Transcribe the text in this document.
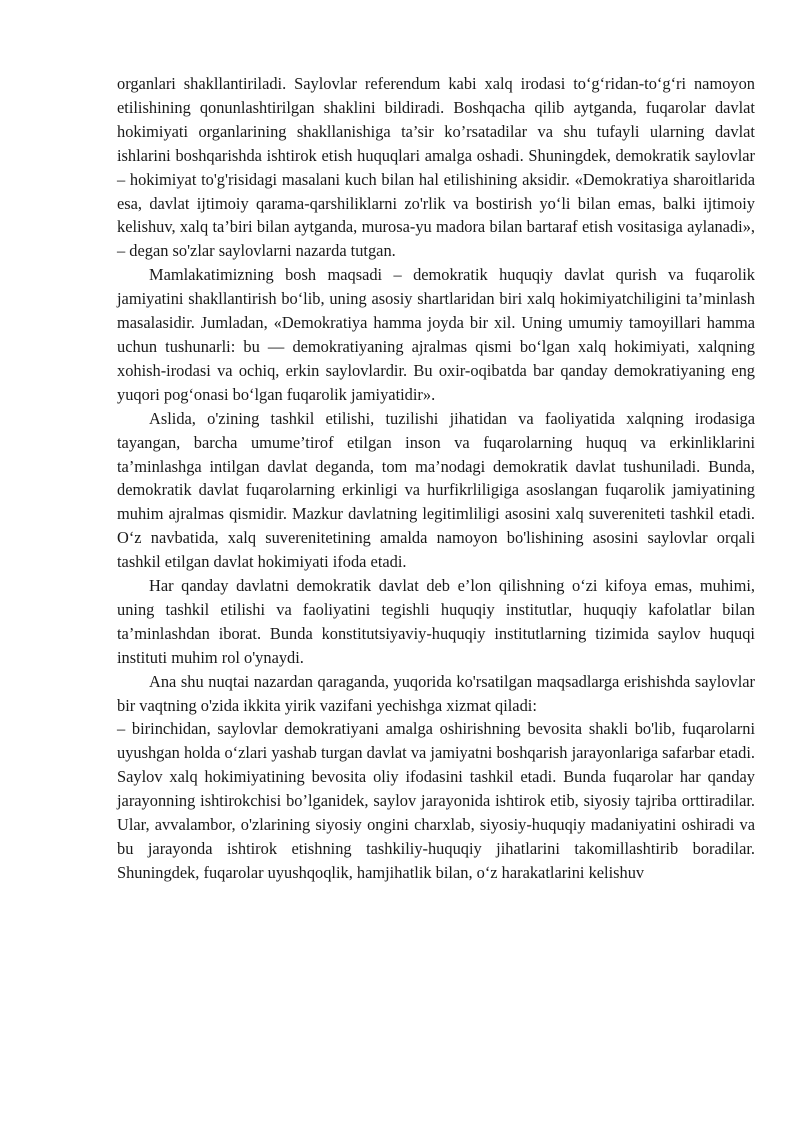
organlari shakllantiriladi. Saylovlar referendum kabi xalq irodasi to‘g‘ridan-to‘g‘ri namoyon etilishining qonunlashtirilgan shaklini bildiradi. Boshqacha qilib aytganda, fuqarolar davlat hokimiyati organlarining shakllanishiga ta’sir ko’rsatadilar va shu tufayli ularning davlat ishlarini boshqarishda ishtirok etish huquqlari amalga oshadi. Shuningdek, demokratik saylovlar – hokimiyat to'g'risidagi masalani kuch bilan hal etilishining aksidir. «Demokratiya sharoitlarida esa, davlat ijtimoiy qarama-qarshiliklarni zo'rlik va bostirish yo‘li bilan emas, balki ijtimoiy kelishuv, xalq ta’biri bilan aytganda, murosa-yu madora bilan bartaraf etish vositasiga aylanadi», – degan so'zlar saylovlarni nazarda tutgan.

Mamlakatimizning bosh maqsadi – demokratik huquqiy davlat qurish va fuqarolik jamiyatini shakllantirish bo‘lib, uning asosiy shartlaridan biri xalq hokimiyatchiligini ta’minlash masalasidir. Jumladan, «Demokratiya hamma joyda bir xil. Uning umumiy tamoyillari hamma uchun tushunarli: bu — demokratiyaning ajralmas qismi bo‘lgan xalq hokimiyati, xalqning xohish-irodasi va ochiq, erkin saylovlardir. Bu oxir-oqibatda bar qanday demokratiyaning eng yuqori pog‘onasi bo‘lgan fuqarolik jamiyatidir».

Aslida, o'zining tashkil etilishi, tuzilishi jihatidan va faoliyatida xalqning irodasiga tayangan, barcha umume’tirof etilgan inson va fuqarolarning huquq va erkinliklarini ta’minlashga intilgan davlat deganda, tom ma’nodagi demokratik davlat tushuniladi. Bunda, demokratik davlat fuqarolarning erkinligi va hurfikrliligiga asoslangan fuqarolik jamiyatining muhim ajralmas qismidir. Mazkur davlatning legitimliligi asosini xalq suvereniteti tashkil etadi. O‘z navbatida, xalq suverenitetining amalda namoyon bo'lishining asosini saylovlar orqali tashkil etilgan davlat hokimiyati ifoda etadi.

Har qanday davlatni demokratik davlat deb e’lon qilishning o‘zi kifoya emas, muhimi, uning tashkil etilishi va faoliyatini tegishli huquqiy institutlar, huquqiy kafolatlar bilan ta’minlashdan iborat. Bunda konstitutsiyaviy-huquqiy institutlarning tizimida saylov huquqi instituti muhim rol o'ynaydi.

Ana shu nuqtai nazardan qaraganda, yuqorida ko'rsatilgan maqsadlarga erishishda saylovlar bir vaqtning o'zida ikkita yirik vazifani yechishga xizmat qiladi:

– birinchidan, saylovlar demokratiyani amalga oshirishning bevosita shakli bo'lib, fuqarolarni uyushgan holda o‘zlari yashab turgan davlat va jamiyatni boshqarish jarayonlariga safarbar etadi. Saylov xalq hokimiyatining bevosita oliy ifodasini tashkil etadi. Bunda fuqarolar har qanday jarayonning ishtirokchisi bo’lganidek, saylov jarayonida ishtirok etib, siyosiy tajriba orttiradilar. Ular, avvalambor, o'zlarining siyosiy ongini charxlab, siyosiy-huquqiy madaniyatini oshiradi va bu jarayonda ishtirok etishning tashkiliy-huquqiy jihatlarini takomillashtirib boradilar. Shuningdek, fuqarolar uyushqoqlik, hamjihatlik bilan, o‘z harakatlarini kelishuv
